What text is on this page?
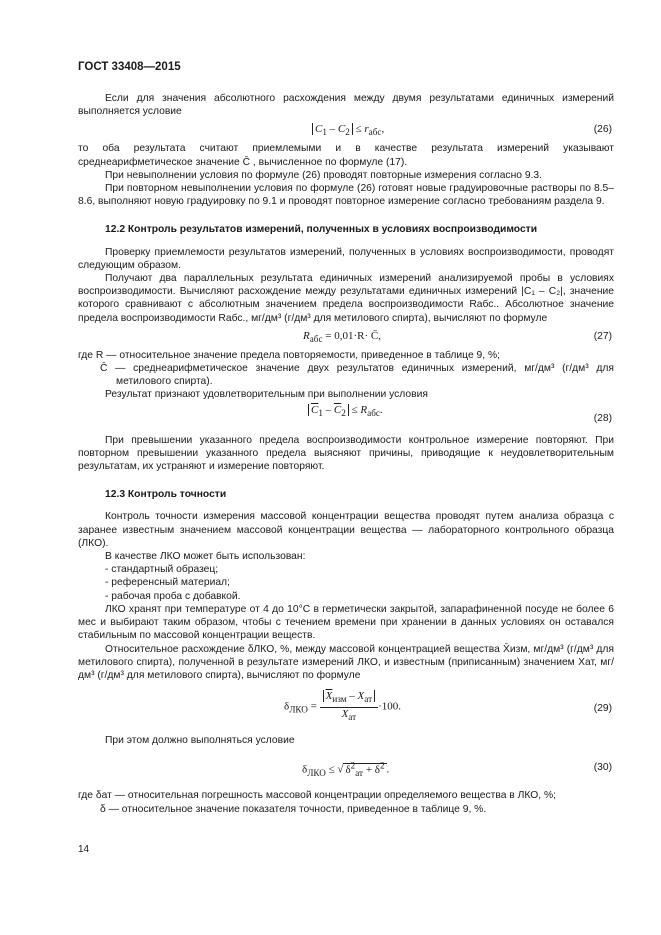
ГОСТ 33408—2015
Если для значения абсолютного расхождения между двумя результатами единичных измерений выполняется условие
$C_1 - C_2 \le r_{абс}$,	(26)
то оба результата считают приемлемыми и в качестве результата измерений указывают среднеарифметическое значение C̄ , вычисленное по формуле (17).
При невыполнении условия по формуле (26) проводят повторные измерения согласно 9.3.
При повторном невыполнении условия по формуле (26) готовят новые градуировочные растворы по 8.5–8.6, выполняют новую градуировку по 9.1 и проводят повторное измерение согласно требованиям раздела 9.
12.2 Контроль результатов измерений, полученных в условиях воспроизводимости
Проверку приемлемости результатов измерений, полученных в условиях воспроизводимости, проводят следующим образом.
Получают два параллельных результата единичных измерений анализируемой пробы в условиях воспроизводимости. Вычисляют расхождение между результатами единичных измерений |C₁ – C₂|, значение которого сравнивают с абсолютным значением предела воспроизводимости Rабс.. Абсолютное значение предела воспроизводимости Rабс., мг/дм³ (г/дм³ для метилового спирта), вычисляют по формуле
$R_{абс} = 0,01\cdot R\cdot$ C̄,	(27)
где R — относительное значение предела повторяемости, приведенное в таблице 9, %;
C̄ — среднеарифметическое значение двух результатов единичных измерений, мг/дм³ (г/дм³ для метилового спирта).
Результат признают удовлетворительным при выполнении условия
$\overline{C}_1 - \overline{C}_2 \le R_{абс}$.
(28)
При превышении указанного предела воспроизводимости контрольное измерение повторяют. При повторном превышении указанного предела выясняют причины, приводящие к неудовлетворительным результатам, их устраняют и измерение повторяют.
12.3 Контроль точности
Контроль точности измерения массовой концентрации вещества проводят путем анализа образца с заранее известным значением массовой концентрации вещества — лабораторного контрольного образца (ЛКО).
В качестве ЛКО может быть использован:
- стандартный образец;
- референсный материал;
- рабочая проба с добавкой.
ЛКО хранят при температуре от 4 до 10°С в герметически закрытой, запарафиненной посуде не более 6 мес и выбирают таким образом, чтобы с течением времени при хранении в данных условиях он оставался стабильным по массовой концентрации веществ.
Относительное расхождение δЛКО, %, между массовой концентрацией вещества X̄изм, мг/дм³ (г/дм³ для метилового спирта), полученной в результате измерений ЛКО, и известным (приписанным) значением Xат, мг/дм³ (г/дм³ для метилового спирта), вычисляют по формуле
$\delta_{ЛКО} = \frac{\overline{X}_{изм} - X_{ат}}{X_{ат}} \cdot 100$.	(29)
При этом должно выполняться условие
$\delta_{ЛКО}$ ≤ √ $\delta^2_{ат} + \delta^2$ .	(30)
где δат — относительная погрешность массовой концентрации определяемого вещества в ЛКО, %;
δ — относительное значение показателя точности, приведенное в таблице 9, %.
14
